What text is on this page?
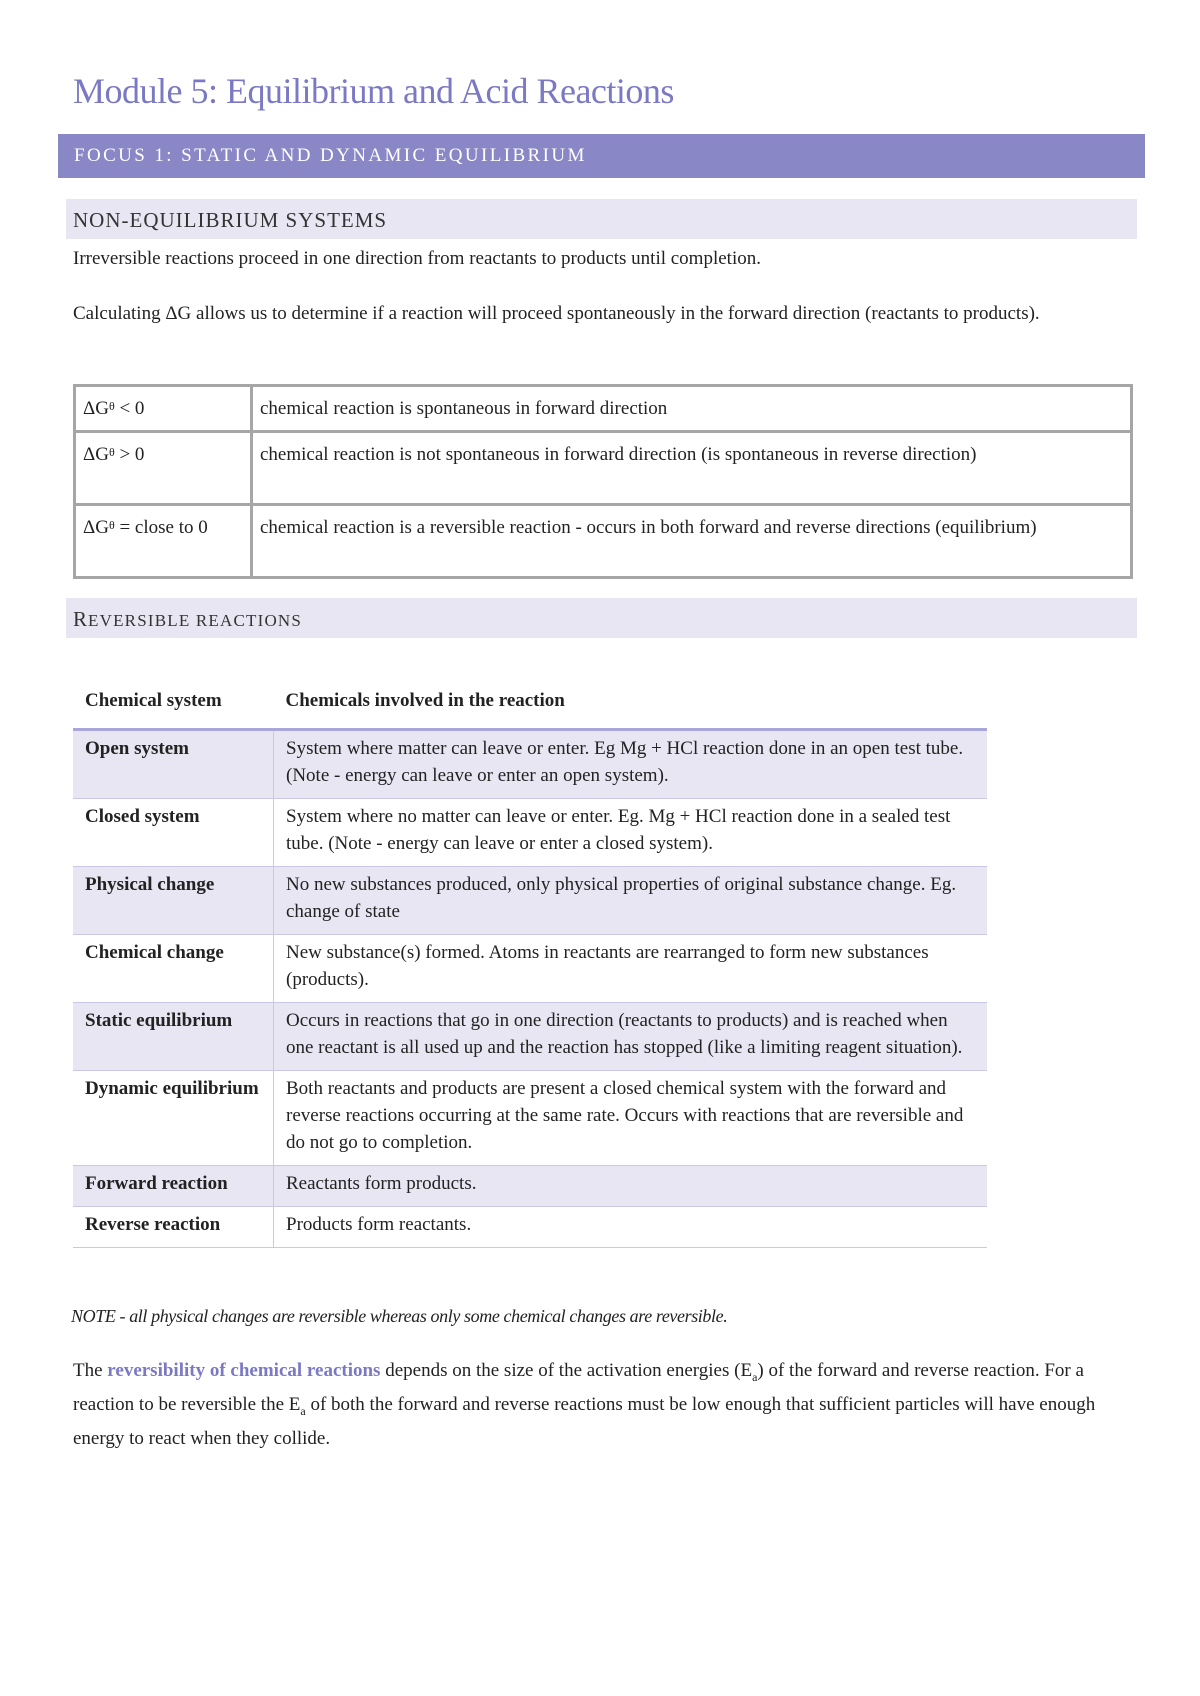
Module 5: Equilibrium and Acid Reactions
FOCUS 1: STATIC AND DYNAMIC EQUILIBRIUM
NON-EQUILIBRIUM SYSTEMS
Irreversible reactions proceed in one direction from reactants to products until completion.
Calculating ΔG allows us to determine if a reaction will proceed spontaneously in the forward direction (reactants to products).
$\Delta G^\theta < 0$	chemical reaction is spontaneous in forward direction
$\Delta G^\theta > 0$	chemical reaction is not spontaneous in forward direction (is spontaneous in reverse direction)
$\Delta G^\theta$ = close to 0	chemical reaction is a reversible reaction - occurs in both forward and reverse directions (equilibrium)
REVERSIBLE REACTIONS
Chemical system	Chemicals involved in the reaction
Open system	System where matter can leave or enter. Eg Mg + HCl reaction done in an open test tube. (Note - energy can leave or enter an open system).
Closed system	System where no matter can leave or enter. Eg. Mg + HCl reaction done in a sealed test tube. (Note - energy can leave or enter a closed system).
Physical change	No new substances produced, only physical properties of original substance change. Eg. change of state
Chemical change	New substance(s) formed. Atoms in reactants are rearranged to form new substances (products).
Static equilibrium	Occurs in reactions that go in one direction (reactants to products) and is reached when one reactant is all used up and the reaction has stopped (like a limiting reagent situation).
Dynamic equilibrium	Both reactants and products are present a closed chemical system with the forward and reverse reactions occurring at the same rate. Occurs with reactions that are reversible and do not go to completion.
Forward reaction	Reactants form products.
Reverse reaction	Products form reactants.
NOTE - all physical changes are reversible whereas only some chemical changes are reversible.
The reversibility of chemical reactions depends on the size of the activation energies $(E_a)$ of the forward and reverse reaction. For a reaction to be reversible the $E_a$ of both the forward and reverse reactions must be low enough that sufficient particles will have enough energy to react when they collide.
